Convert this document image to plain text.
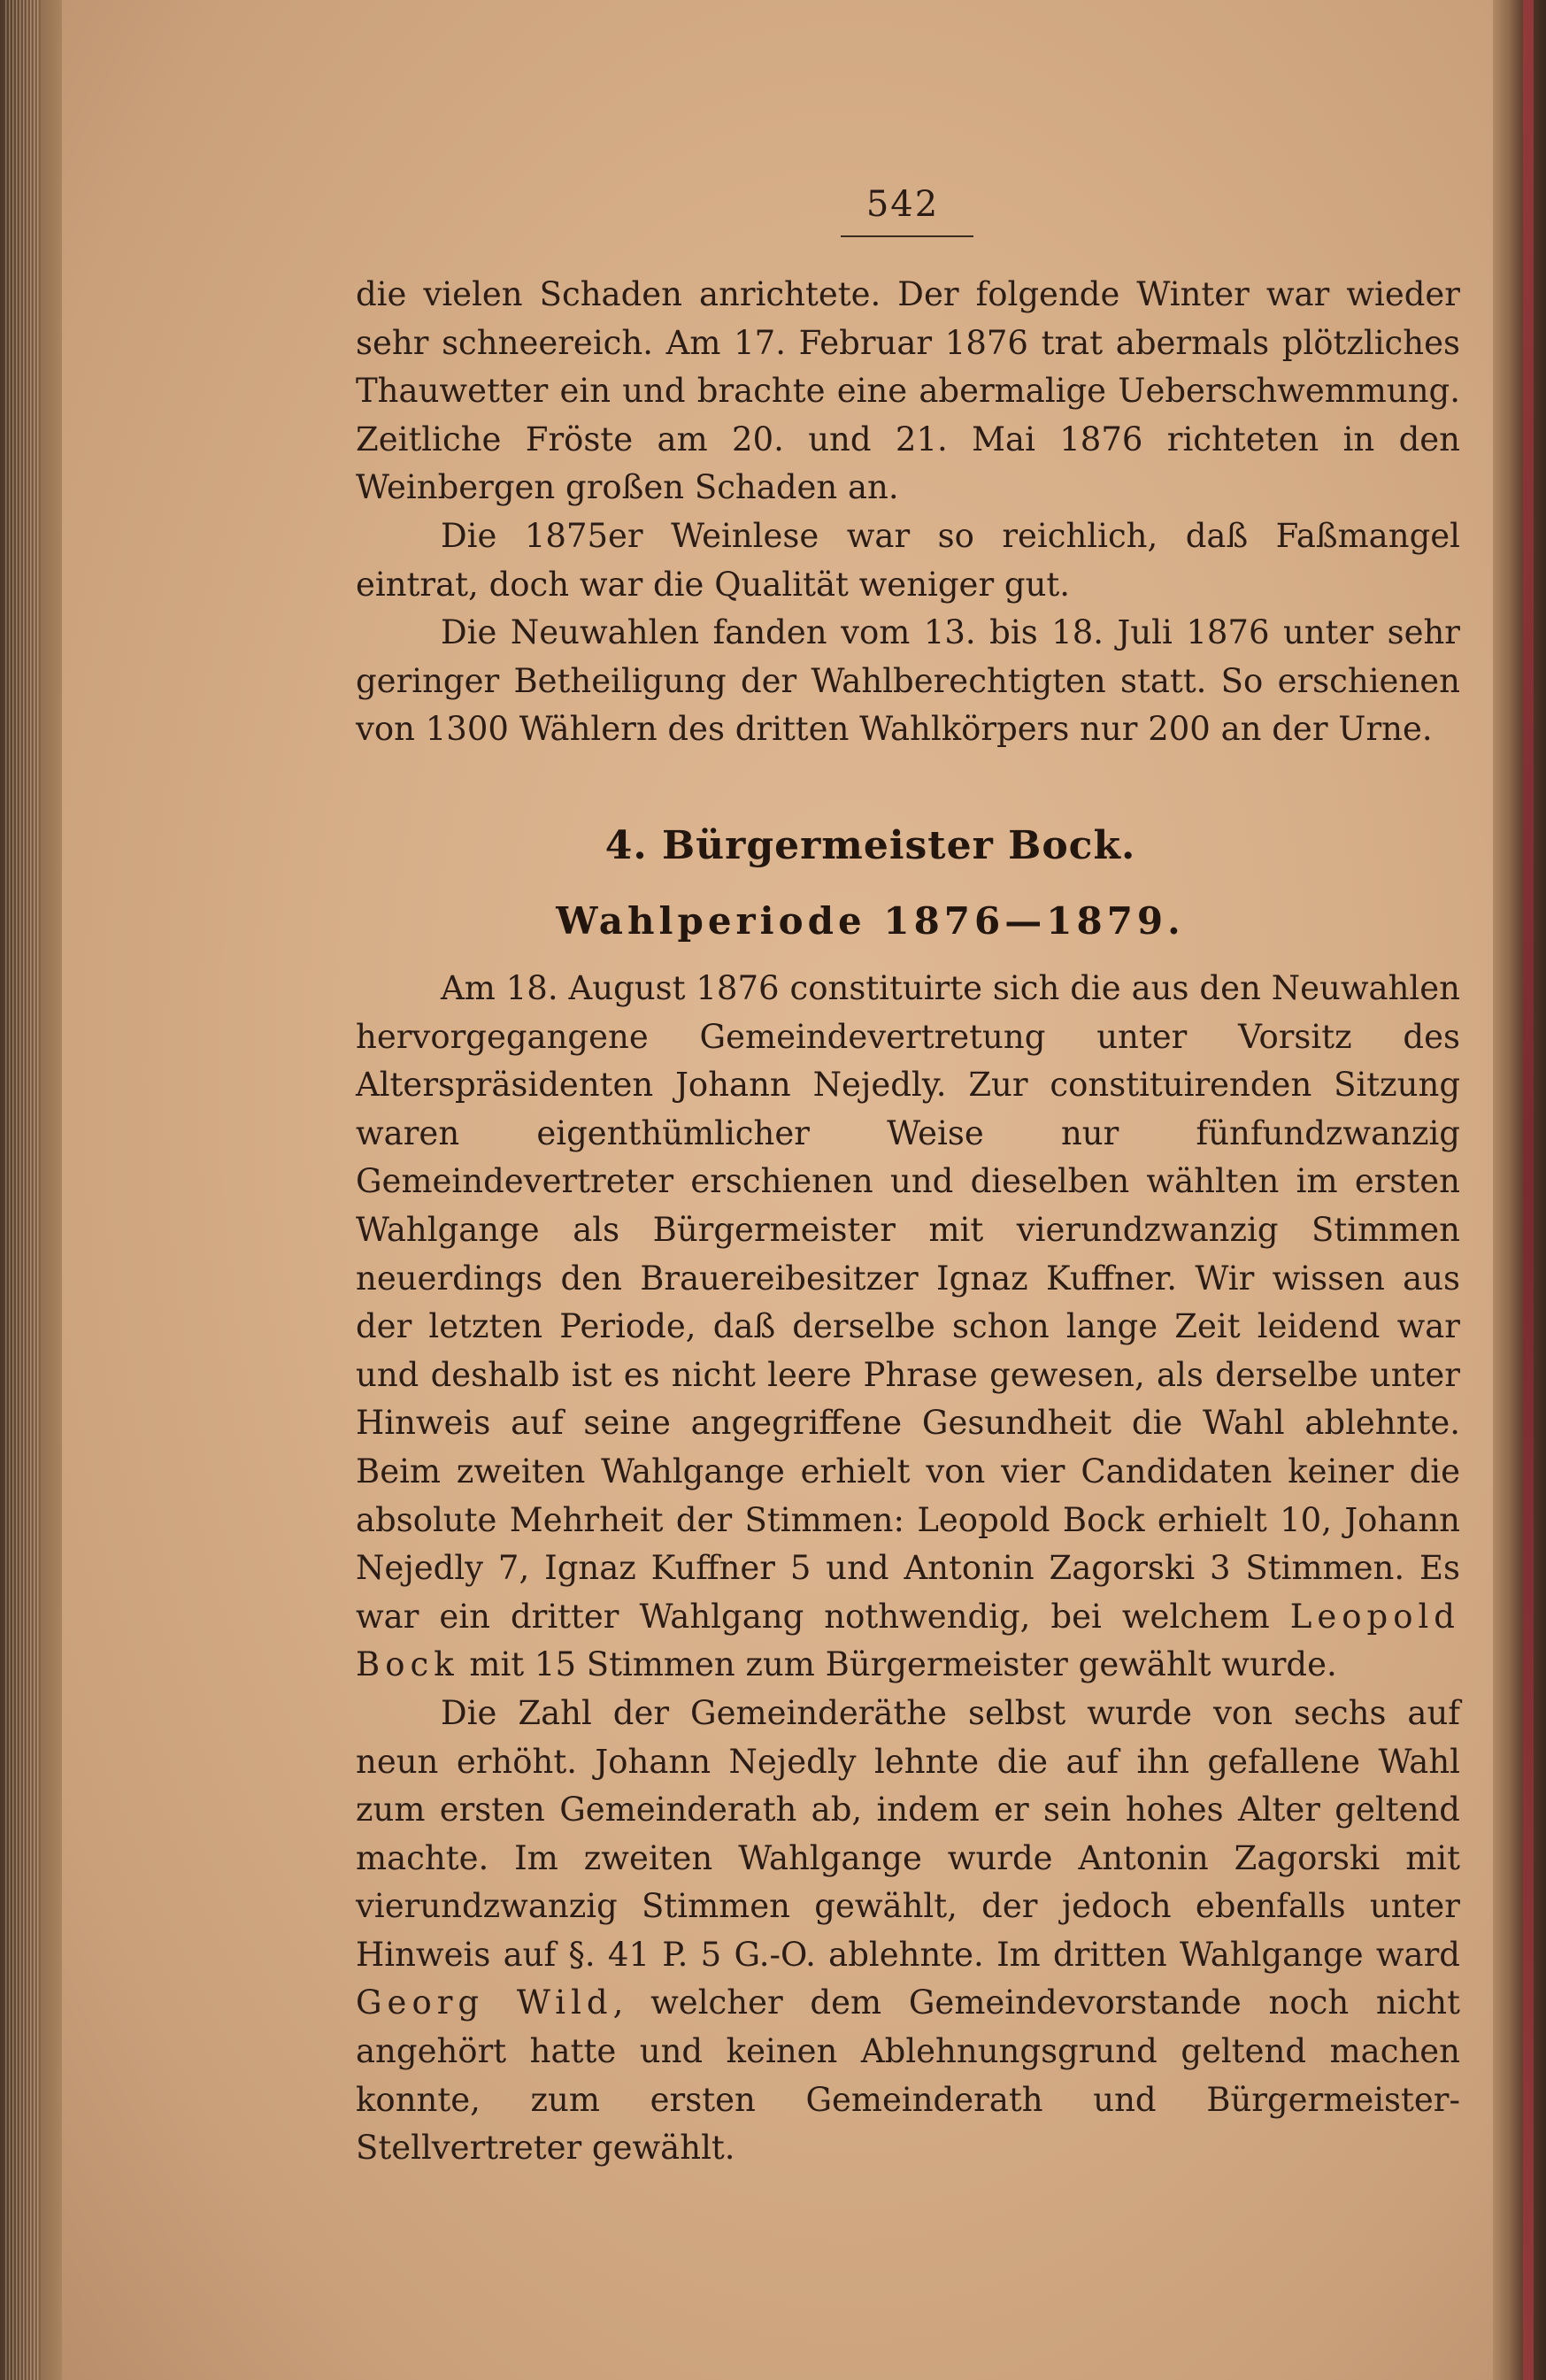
542

die vielen Schaden anrichtete. Der folgende Winter war wieder sehr schneereich. Am 17. Februar 1876 trat abermals plötzliches Thauwetter ein und brachte eine abermalige Ueberschwemmung. Zeitliche Fröste am 20. und 21. Mai 1876 richteten in den Weinbergen großen Schaden an.

Die 1875er Weinlese war so reichlich, daß Faßmangel eintrat, doch war die Qualität weniger gut.

Die Neuwahlen fanden vom 13. bis 18. Juli 1876 unter sehr geringer Betheiligung der Wahlberechtigten statt. So erschienen von 1300 Wählern des dritten Wahlkörpers nur 200 an der Urne.

4. Bürgermeister Bock.
Wahlperiode 1876—1879.

Am 18. August 1876 constituirte sich die aus den Neuwahlen hervorgegangene Gemeindevertretung unter Vorsitz des Alterspräsidenten Johann Nejedly. Zur constituirenden Sitzung waren eigenthümlicher Weise nur fünfundzwanzig Gemeindevertreter erschienen und dieselben wählten im ersten Wahlgange als Bürgermeister mit vierundzwanzig Stimmen neuerdings den Brauereibesitzer Ignaz Kuffner. Wir wissen aus der letzten Periode, daß derselbe schon lange Zeit leidend war und deshalb ist es nicht leere Phrase gewesen, als derselbe unter Hinweis auf seine angegriffene Gesundheit die Wahl ablehnte. Beim zweiten Wahlgange erhielt von vier Candidaten keiner die absolute Mehrheit der Stimmen: Leopold Bock erhielt 10, Johann Nejedly 7, Ignaz Kuffner 5 und Antonin Zagorski 3 Stimmen. Es war ein dritter Wahlgang nothwendig, bei welchem Leopold Bock mit 15 Stimmen zum Bürgermeister gewählt wurde.

Die Zahl der Gemeinderäthe selbst wurde von sechs auf neun erhöht. Johann Nejedly lehnte die auf ihn gefallene Wahl zum ersten Gemeinderath ab, indem er sein hohes Alter geltend machte. Im zweiten Wahlgange wurde Antonin Zagorski mit vierundzwanzig Stimmen gewählt, der jedoch ebenfalls unter Hinweis auf §. 41 P. 5 G.-O. ablehnte. Im dritten Wahlgange ward Georg Wild, welcher dem Gemeindevorstande noch nicht angehört hatte und keinen Ablehnungsgrund geltend machen konnte, zum ersten Gemeinderath und Bürgermeister-Stellvertreter gewählt.
